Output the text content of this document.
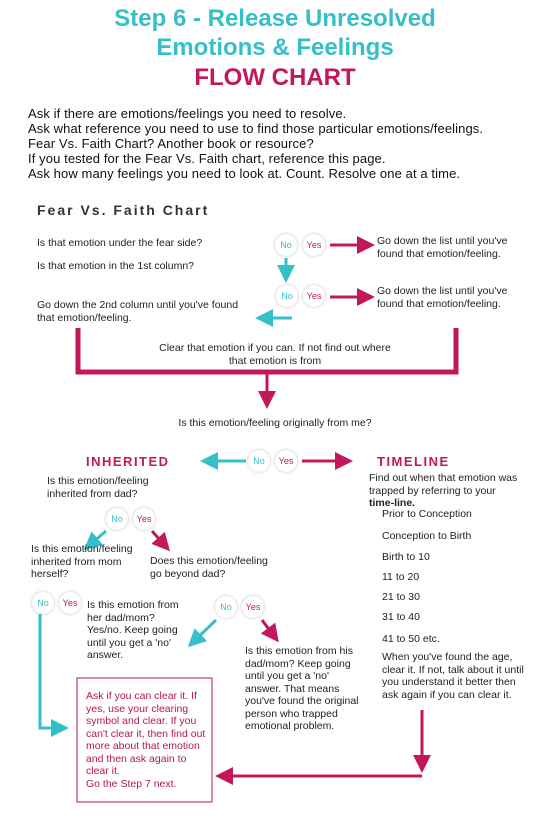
Step 6 - Release Unresolved
Emotions & Feelings
FLOW CHART
Ask if there are emotions/feelings you need to resolve.
Ask what reference you need to use to find those particular emotions/feelings.
Fear Vs. Faith Chart? Another book or resource?
If you tested for the Fear Vs. Faith chart, reference this page.
Ask how many feelings you need to look at. Count. Resolve one at a time.
Fear Vs. Faith Chart
Is that emotion under the fear side?
Is that emotion in the 1st column?
No	Yes	Go down the list until you've found that emotion/feeling.
No	Yes	Go down the list until you've found that emotion/feeling.
Go down the 2nd column until you've found that emotion/feeling.
Clear that emotion if you can. If not find out where that emotion is from
Is this emotion/feeling originally from me?
INHERITED	No	Yes	TIMELINE
Is this emotion/feeling inherited from dad?
No	Yes
Is this emotion/feeling inherited from mom herself?
Does this emotion/feeling go beyond dad?
No	Yes Is this emotion from her dad/mom? Yes/no. Keep going until you get a 'no' answer.
No	Yes
Is this emotion from his dad/mom? Keep going until you get a 'no' answer. That means you've found the original person who trapped emotional problem.
Find out when that emotion was trapped by referring to your time-line.
Prior to Conception
Conception to Birth
Birth to 10
11 to 20
21 to 30
31 to 40
41 to 50 etc.
When you've found the age, clear it. If not, talk about it until you understand it better then ask again if you can clear it.
Ask if you can clear it. If yes, use your clearing symbol and clear. If you can't clear it, then find out more about that emotion and then ask again to clear it.
Go the Step 7 next.
